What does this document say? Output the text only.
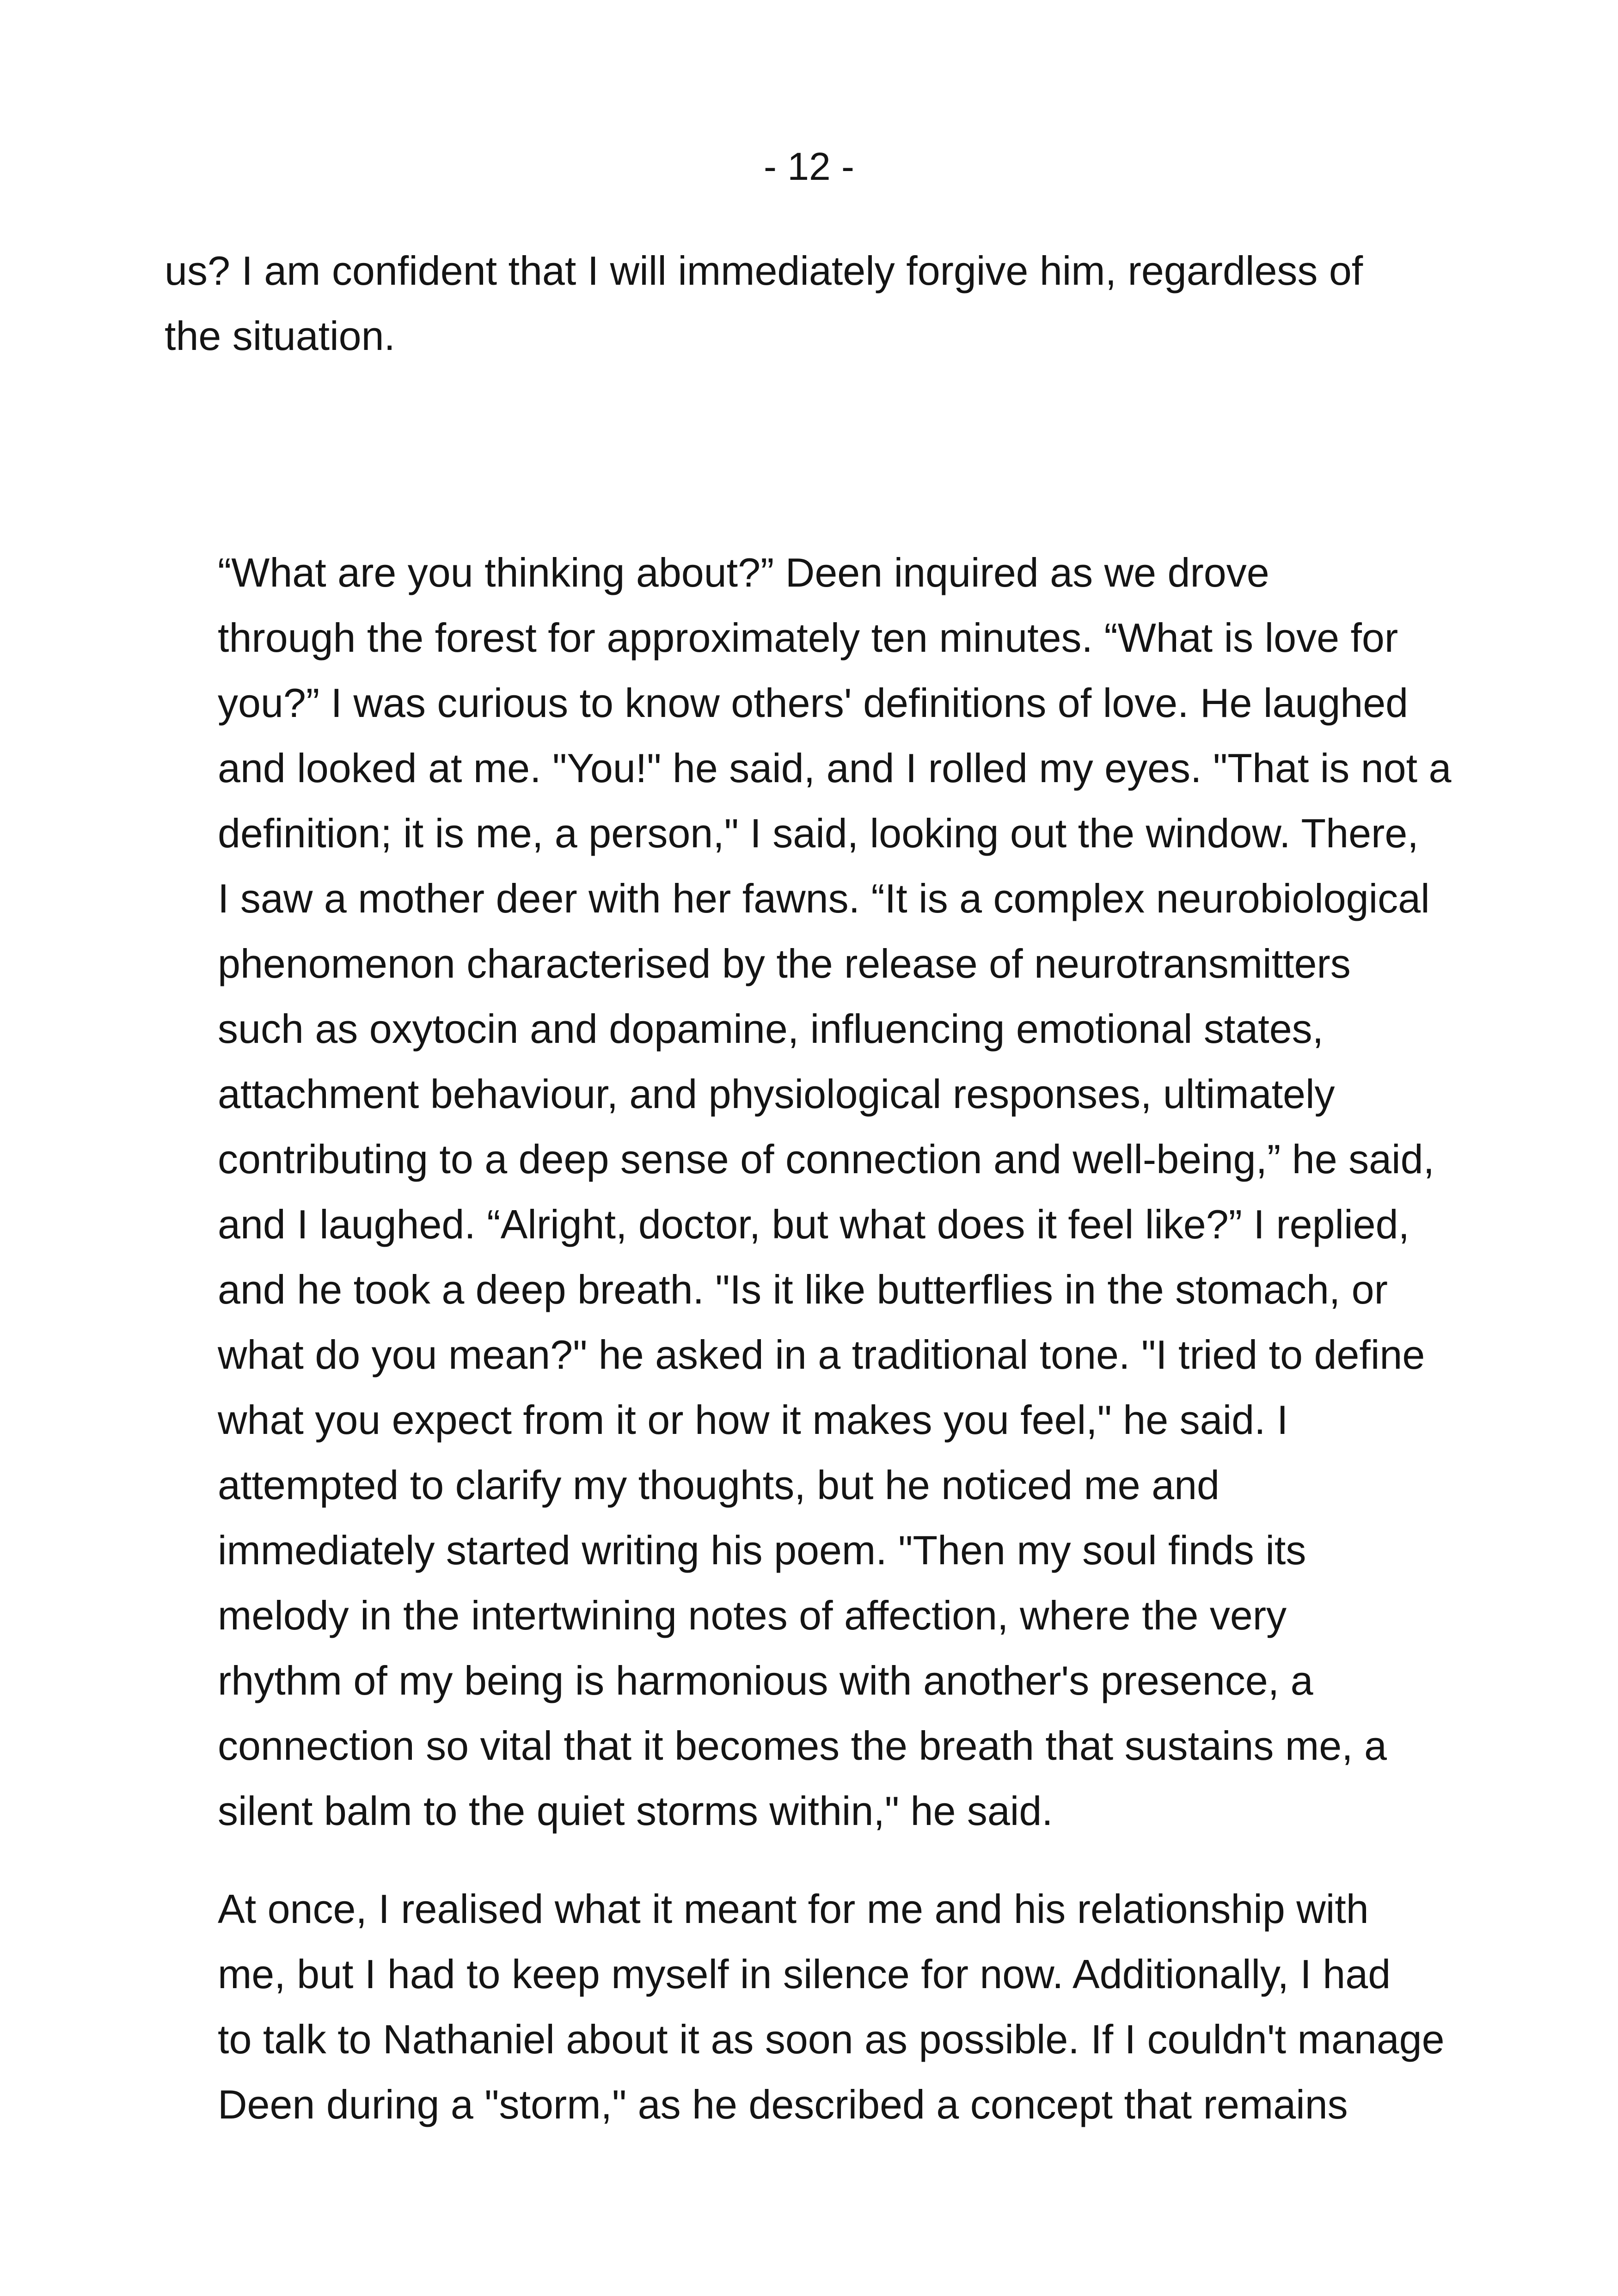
- 12 -

us? I am confident that I will immediately forgive him, regardless of
the situation.

“What are you thinking about?” Deen inquired as we drove
through the forest for approximately ten minutes. “What is love for
you?” I was curious to know others' definitions of love. He laughed
and looked at me. "You!" he said, and I rolled my eyes. "That is not a
definition; it is me, a person," I said, looking out the window. There,
I saw a mother deer with her fawns. “It is a complex neurobiological
phenomenon characterised by the release of neurotransmitters
such as oxytocin and dopamine, influencing emotional states,
attachment behaviour, and physiological responses, ultimately
contributing to a deep sense of connection and well-being,” he said,
and I laughed. “Alright, doctor, but what does it feel like?” I replied,
and he took a deep breath. "Is it like butterflies in the stomach, or
what do you mean?" he asked in a traditional tone. "I tried to define
what you expect from it or how it makes you feel," he said. I
attempted to clarify my thoughts, but he noticed me and
immediately started writing his poem. "Then my soul finds its
melody in the intertwining notes of affection, where the very
rhythm of my being is harmonious with another's presence, a
connection so vital that it becomes the breath that sustains me, a
silent balm to the quiet storms within," he said.

At once, I realised what it meant for me and his relationship with
me, but I had to keep myself in silence for now. Additionally, I had
to talk to Nathaniel about it as soon as possible. If I couldn't manage
Deen during a "storm," as he described a concept that remains
